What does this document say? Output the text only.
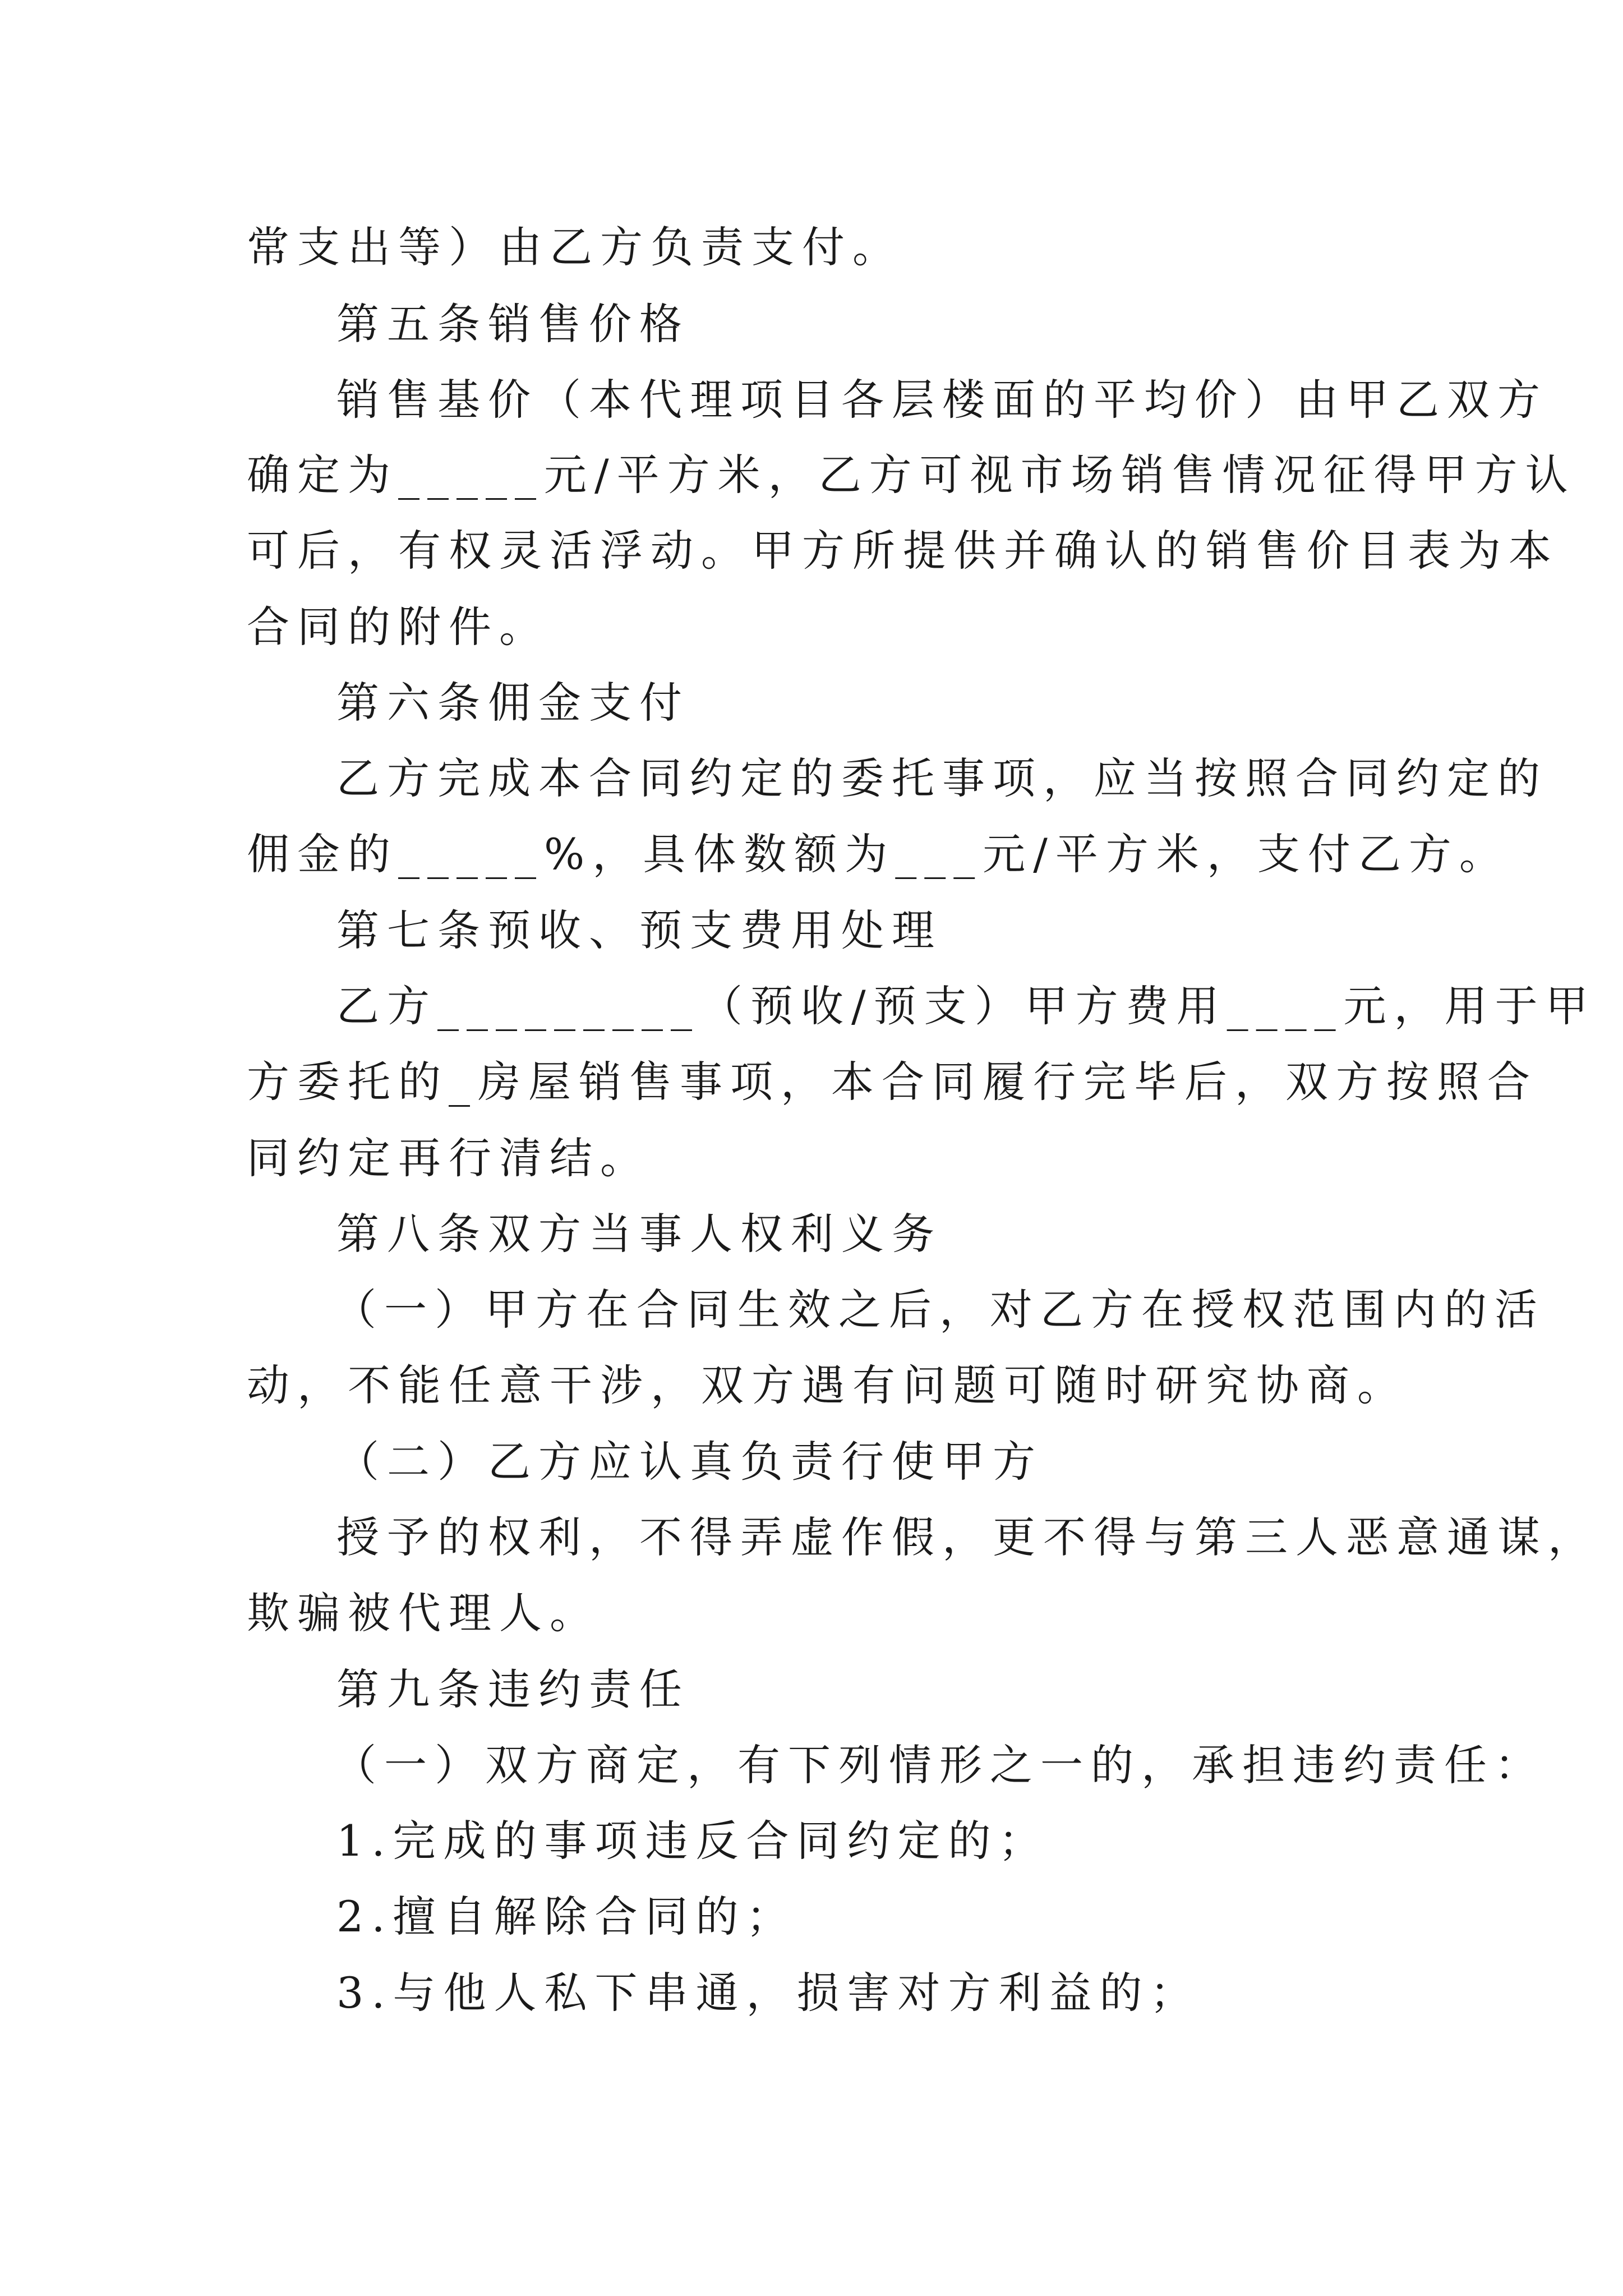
常支出等）由乙方负责支付。
第五条销售价格
销售基价（本代理项目各层楼面的平均价）由甲乙双方
确定为_____元/平方米，乙方可视市场销售情况征得甲方认
可后，有权灵活浮动。甲方所提供并确认的销售价目表为本
合同的附件。
第六条佣金支付
乙方完成本合同约定的委托事项，应当按照合同约定的
佣金的_____%，具体数额为___元/平方米，支付乙方。
第七条预收、预支费用处理
乙方_________（预收/预支）甲方费用____元，用于甲
方委托的_房屋销售事项，本合同履行完毕后，双方按照合
同约定再行清结。
第八条双方当事人权利义务
（一）甲方在合同生效之后，对乙方在授权范围内的活
动，不能任意干涉，双方遇有问题可随时研究协商。
（二）乙方应认真负责行使甲方
授予的权利，不得弄虚作假，更不得与第三人恶意通谋，
欺骗被代理人。
第九条违约责任
（一）双方商定，有下列情形之一的，承担违约责任：
1.完成的事项违反合同约定的；
2.擅自解除合同的；
3.与他人私下串通，损害对方利益的；
